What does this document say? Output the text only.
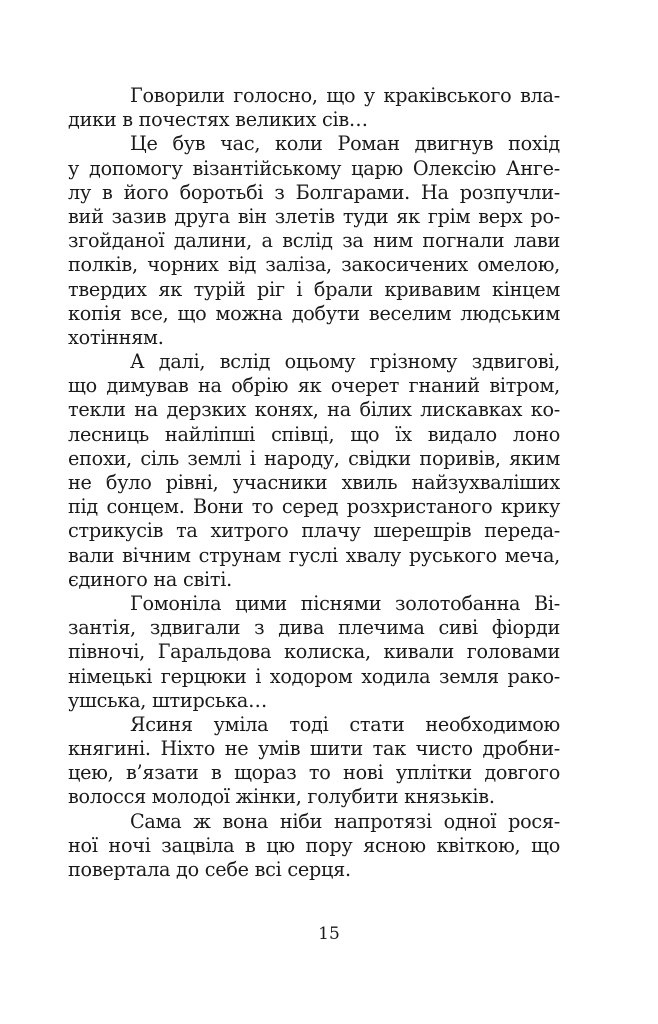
Говорили голосно, що у краківського вла-
дики в почестях великих сів…

Це був час, коли Роман двигнув похід
у допомогу візантійському царю Олексію Анге-
лу в його боротьбі з Болгарами. На розпучли-
вий зазив друга він злетів туди як грім верх ро-
згойданої далини, а вслід за ним погнали лави
полків, чорних від заліза, закосичених омелою,
твердих як турій ріг і брали кривавим кінцем
копія все, що можна добути веселим людським
хотінням.

А далі, вслід оцьому грізному здвигові,
що димував на обрію як очерет гнаний вітром,
текли на дерзких конях, на білих лискавках ко-
лесниць найліпші співці, що їх видало лоно
епохи, сіль землі і народу, свідки поривів, яким
не було рівні, учасники хвиль найзухваліших
під сонцем. Вони то серед розхристаного крику
стрикусів та хитрого плачу шерешрів переда-
вали вічним струнам гуслі хвалу руського меча,
єдиного на світі.

Гомоніла цими піснями золотобанна Ві-
зантія, здвигали з дива плечима сиві фіорди
півночі, Гаральдова колиска, кивали головами
німецькі герцюки і ходором ходила земля рако-
ушська, штирська…

Ясиня уміла тоді стати необходимою
княгині. Ніхто не умів шити так чисто дробни-
цею, в’язати в щораз то нові уплітки довгого
волосся молодої жінки, голубити князьків.

Сама ж вона ніби напротязі одної рося-
ної ночі зацвіла в цю пору ясною квіткою, що
повертала до себе всі серця.

15
